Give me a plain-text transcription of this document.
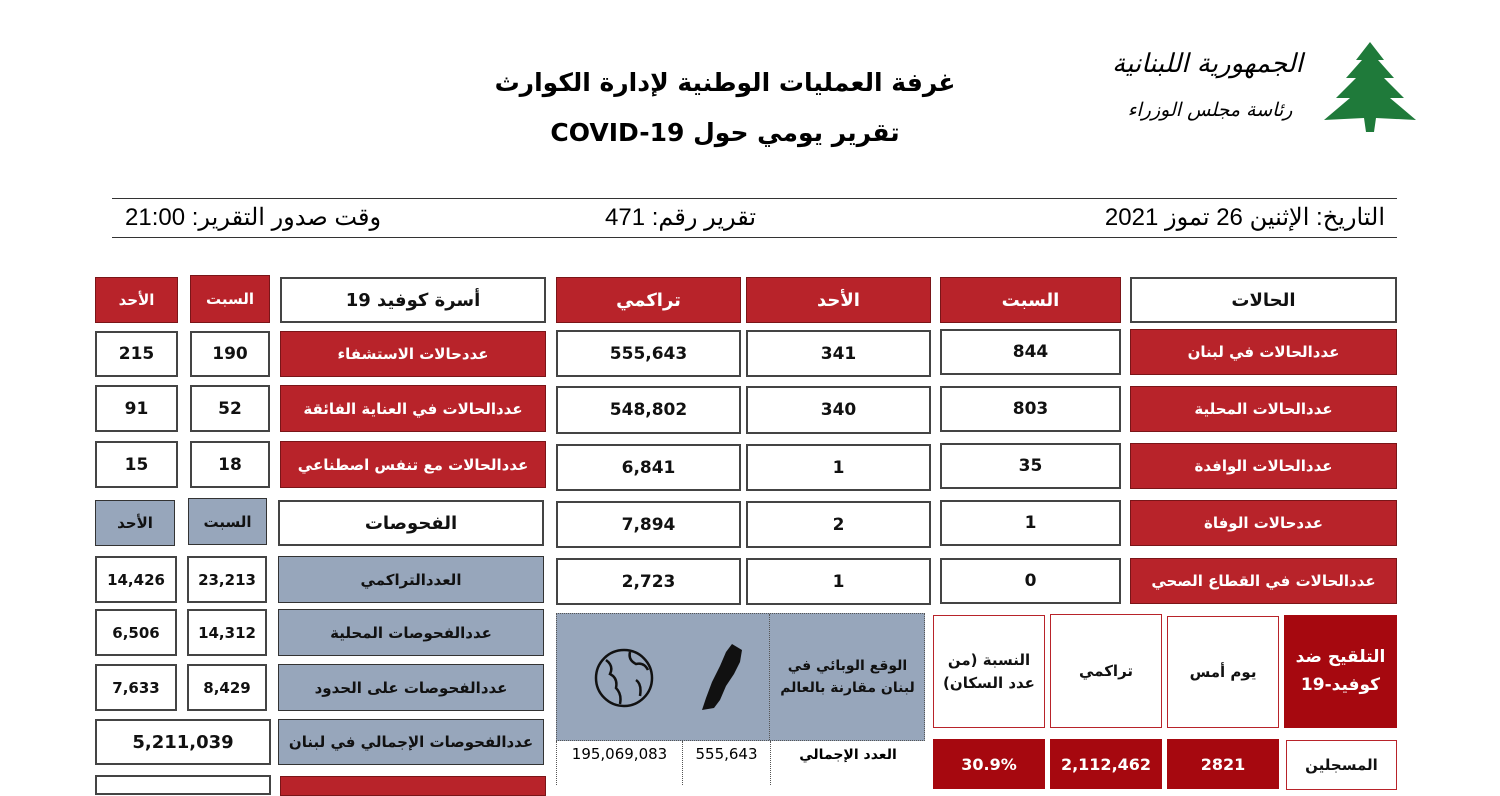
الجمهورية اللبنانية
رئاسة مجلس الوزراء
غرفة العمليات الوطنية لإدارة الكوارث
تقرير يومي حول COVID-19
وقت صدور التقرير: 21:00	تقرير رقم: 471	التاريخ: الإثنين 26 تموز 2021
الحالات
السبت
الأحد
تراكمي
عددالحالات في لبنان
844
341
555,643
عددالحالات المحلية
803
340
548,802
عددالحالات الوافدة
35
1
6,841
عددحالات الوفاة
1
2
7,894
عددالحالات في القطاع الصحي
0
1
2,723
أسرة كوفيد 19
السبت
الأحد
عددحالات الاستشفاء
190
215
عددالحالات في العناية الفائقة
52
91
عددالحالات مع تنفس اصطناعي
18
15
الفحوصات
السبت
الأحد
العددالتراكمي
23,213
14,426
عددالفحوصات المحلية
14,312
6,506
عددالفحوصات على الحدود
8,429
7,633
عددالفحوصات الإجمالي في لبنان
5,211,039
الوقع الوبائي في لبنان مقارنة بالعالم
العدد الإجمالي
555,643
195,069,083
التلقيح ضد كوفيد-19
يوم أمس
تراكمي
النسبة (من عدد السكان)
المسجلين
2821
2,112,462
30.9%
